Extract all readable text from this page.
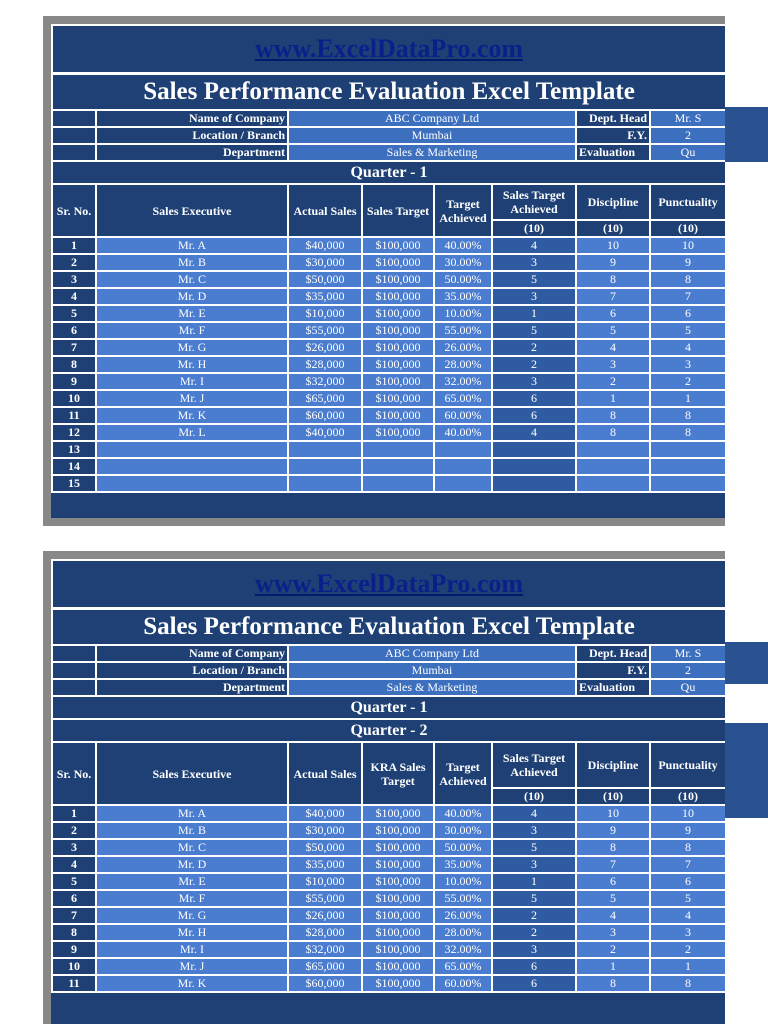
www.ExcelDataPro.com							
Sales Performance Evaluation Excel Template							
	Name of Company	ABC Company Ltd				Dept. Head	Mr. S
	Location / Branch	Mumbai				F.Y.	2
	Department	Sales & Marketing				Evaluation	Qu
Quarter - 1							
Sr. No.	Sales Executive	Actual Sales	Sales Target	Target Achieved	Sales Target Achieved	Discipline	Punctuality
					(10)	(10)	(10)
1	Mr. A	$40,000	$100,000	40.00%	4	10	10
2	Mr. B	$30,000	$100,000	30.00%	3	9	9
3	Mr. C	$50,000	$100,000	50.00%	5	8	8
4	Mr. D	$35,000	$100,000	35.00%	3	7	7
5	Mr. E	$10,000	$100,000	10.00%	1	6	6
6	Mr. F	$55,000	$100,000	55.00%	5	5	5
7	Mr. G	$26,000	$100,000	26.00%	2	4	4
8	Mr. H	$28,000	$100,000	28.00%	2	3	3
9	Mr. I	$32,000	$100,000	32.00%	3	2	2
10	Mr. J	$65,000	$100,000	65.00%	6	1	1
11	Mr. K	$60,000	$100,000	60.00%	6	8	8
12	Mr. L	$40,000	$100,000	40.00%	4	8	8
13							
14							
15							
www.ExcelDataPro.com							
Sales Performance Evaluation Excel Template							
	Name of Company	ABC Company Ltd				Dept. Head	Mr. S
	Location / Branch	Mumbai				F.Y.	2
	Department	Sales & Marketing				Evaluation	Qu
Quarter - 1							
Quarter - 2							
Sr. No.	Sales Executive	Actual Sales	KRA Sales Target	Target Achieved	Sales Target Achieved	Discipline	Punctuality
					(10)	(10)	(10)
1	Mr. A	$40,000	$100,000	40.00%	4	10	10
2	Mr. B	$30,000	$100,000	30.00%	3	9	9
3	Mr. C	$50,000	$100,000	50.00%	5	8	8
4	Mr. D	$35,000	$100,000	35.00%	3	7	7
5	Mr. E	$10,000	$100,000	10.00%	1	6	6
6	Mr. F	$55,000	$100,000	55.00%	5	5	5
7	Mr. G	$26,000	$100,000	26.00%	2	4	4
8	Mr. H	$28,000	$100,000	28.00%	2	3	3
9	Mr. I	$32,000	$100,000	32.00%	3	2	2
10	Mr. J	$65,000	$100,000	65.00%	6	1	1
11	Mr. K	$60,000	$100,000	60.00%	6	8	8
